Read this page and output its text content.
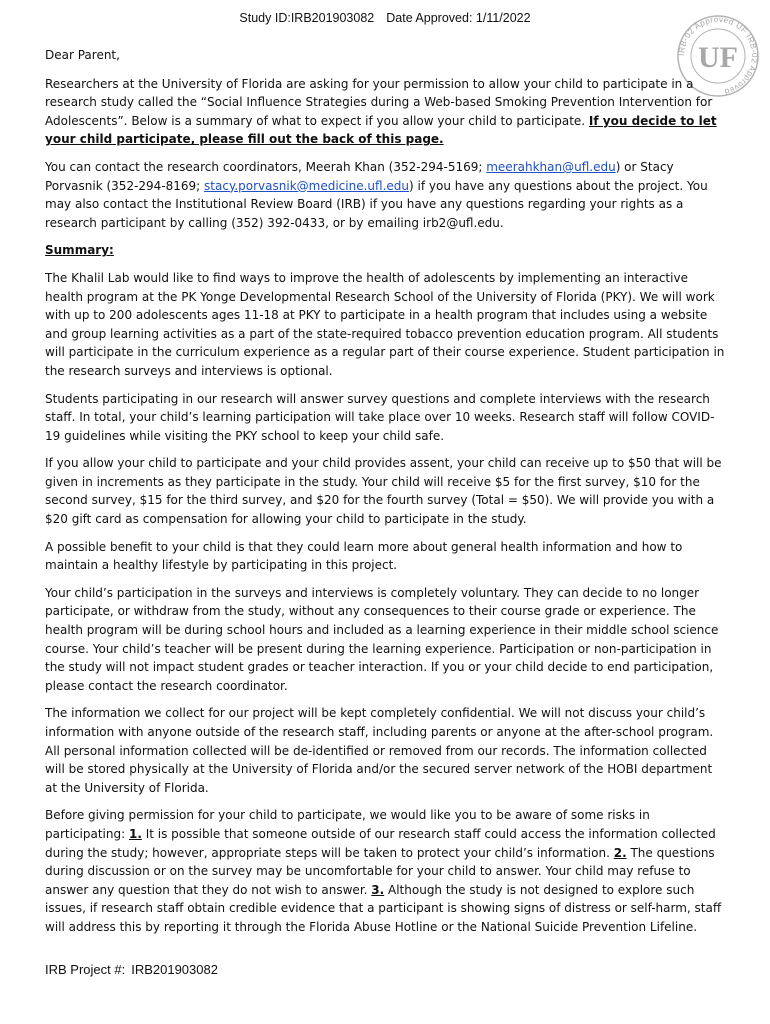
Study ID:IRB201903082 Date Approved: 1/11/2022
IRB-02 Approved UF IRB-02 Approved
UF

Dear Parent,

Researchers at the University of Florida are asking for your permission to allow your child to participate in a research study called the “Social Influence Strategies during a Web-based Smoking Prevention Intervention for Adolescents”. Below is a summary of what to expect if you allow your child to participate. If you decide to let your child participate, please fill out the back of this page.

You can contact the research coordinators, Meerah Khan (352-294-5169; meerahkhan@ufl.edu) or Stacy Porvasnik (352-294-8169; stacy.porvasnik@medicine.ufl.edu) if you have any questions about the project. You may also contact the Institutional Review Board (IRB) if you have any questions regarding your rights as a research participant by calling (352) 392-0433, or by emailing irb2@ufl.edu.

Summary:

The Khalil Lab would like to find ways to improve the health of adolescents by implementing an interactive health program at the PK Yonge Developmental Research School of the University of Florida (PKY). We will work with up to 200 adolescents ages 11-18 at PKY to participate in a health program that includes using a website and group learning activities as a part of the state-required tobacco prevention education program. All students will participate in the curriculum experience as a regular part of their course experience. Student participation in the research surveys and interviews is optional.

Students participating in our research will answer survey questions and complete interviews with the research staff. In total, your child’s learning participation will take place over 10 weeks. Research staff will follow COVID-19 guidelines while visiting the PKY school to keep your child safe.

If you allow your child to participate and your child provides assent, your child can receive up to $50 that will be given in increments as they participate in the study. Your child will receive $5 for the first survey, $10 for the second survey, $15 for the third survey, and $20 for the fourth survey (Total = $50). We will provide you with a $20 gift card as compensation for allowing your child to participate in the study.

A possible benefit to your child is that they could learn more about general health information and how to maintain a healthy lifestyle by participating in this project.

Your child’s participation in the surveys and interviews is completely voluntary. They can decide to no longer participate, or withdraw from the study, without any consequences to their course grade or experience. The health program will be during school hours and included as a learning experience in their middle school science course. Your child’s teacher will be present during the learning experience. Participation or non-participation in the study will not impact student grades or teacher interaction. If you or your child decide to end participation, please contact the research coordinator.

The information we collect for our project will be kept completely confidential. We will not discuss your child’s information with anyone outside of the research staff, including parents or anyone at the after-school program. All personal information collected will be de-identified or removed from our records. The information collected will be stored physically at the University of Florida and/or the secured server network of the HOBI department at the University of Florida.

Before giving permission for your child to participate, we would like you to be aware of some risks in participating: 1. It is possible that someone outside of our research staff could access the information collected during the study; however, appropriate steps will be taken to protect your child’s information. 2. The questions during discussion or on the survey may be uncomfortable for your child to answer. Your child may refuse to answer any question that they do not wish to answer. 3. Although the study is not designed to explore such issues, if research staff obtain credible evidence that a participant is showing signs of distress or self-harm, staff will address this by reporting it through the Florida Abuse Hotline or the National Suicide Prevention Lifeline.

IRB Project #: IRB201903082
